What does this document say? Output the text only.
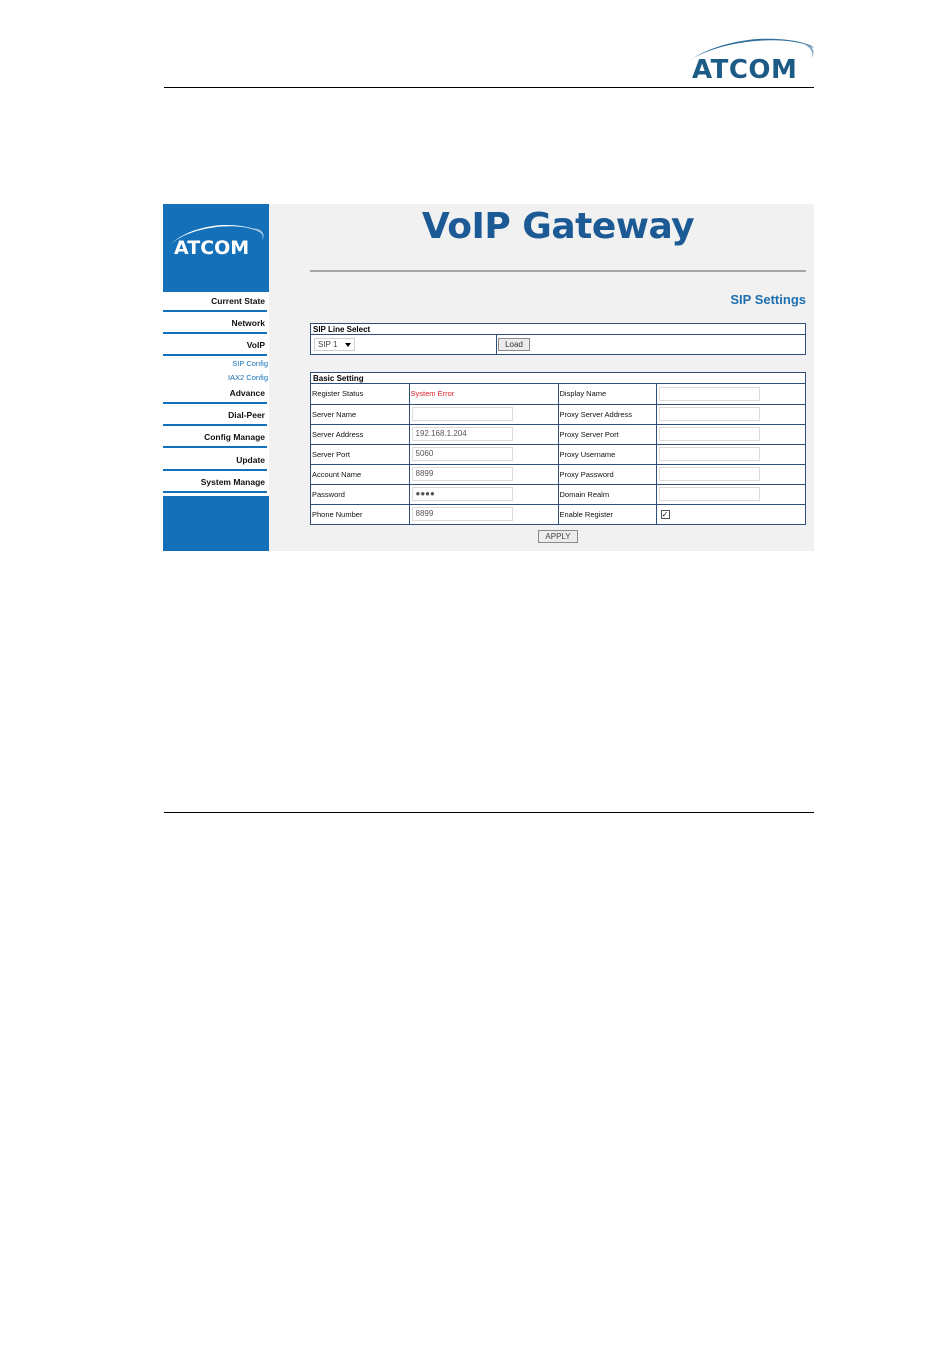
ATCOM
ATCOM
Current State
Network
VoIP
SIP Config
IAX2 Config
Advance
Dial-Peer
Config Manage
Update
System Manage
VoIP Gateway
SIP Settings
SIP Line Select
SIP 1	Load
Basic Setting
Register Status	System Error	Display Name	

Server Name		Proxy Server Address	

Server Address	192.168.1.204	Proxy Server Port	

Server Port	5060	Proxy Username	

Account Name	8899	Proxy Password	

Password	●●●●	Domain Realm	

Phone Number	8899	Enable Register	✓
APPLY
